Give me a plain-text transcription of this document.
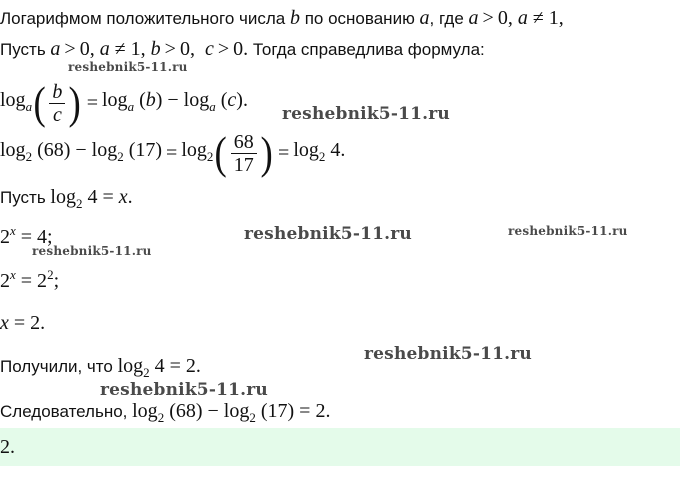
Логарифмом положительного числа b по основанию a, где a > 0, a ≠ 1,
Пусть a > 0, a ≠ 1, b > 0,  c > 0. Тогда справедлива формула:
$\log_a$ ( $\frac{b}{c}$ ) = $\log_a (b) - \log_a (c)$.
$\log_2 (68) - \log_2 (17) = \log_2$ ( $\frac{68}{17}$ ) = $\log_2 4$.
Пусть $\log_2 4 = x$.
$2^x = 4$;
$2^x = 2^2$;
x = 2.
Получили, что $\log_2 4 = 2$.
Следовательно, $\log_2 (68) - \log_2 (17) = 2$.
2.
reshebnik5-11.ru
reshebnik5-11.ru
reshebnik5-11.ru	reshebnik5-11.ru
reshebnik5-11.ru
reshebnik5-11.ru
reshebnik5-11.ru
